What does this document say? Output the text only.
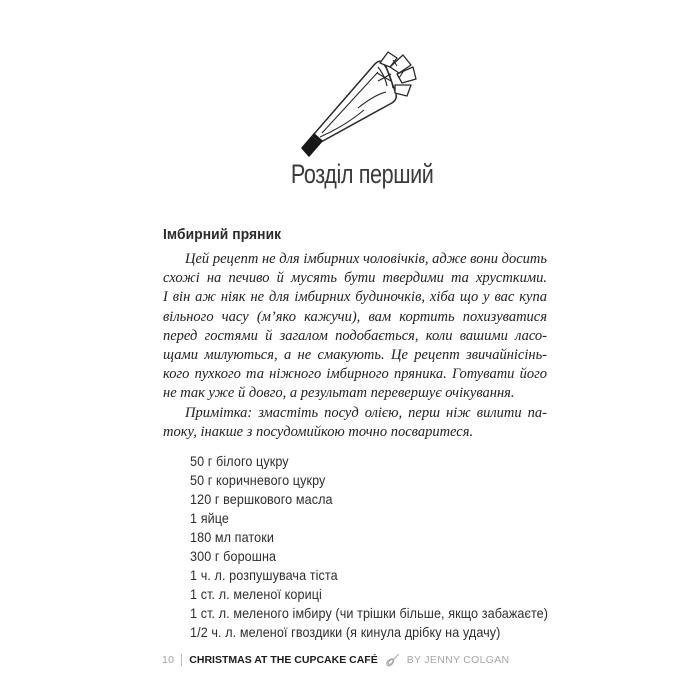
Розділ перший
Імбирний пряник
Цей рецепт не для імбирних чоловічків, адже вони досить
схожі на печиво й мусять бути твердими та хрусткими.
І він аж ніяк не для імбирних будиночків, хіба що у вас купа
вільного часу (м’яко кажучи), вам кортить похизуватися
перед гостями й загалом подобається, коли вашими ласо-
щами милуються, а не смакують. Це рецепт звичайнісінь-
кого пухкого та ніжного імбирного пряника. Готувати його
не так уже й довго, а результат перевершує очікування.
Примітка: змастіть посуд олією, перш ніж вилити па-
току, інакше з посудомийкою точно посваритеся.
50 г білого цукру
50 г коричневого цукру
120 г вершкового масла
1 яйце
180 мл патоки
300 г борошна
1 ч. л. розпушувача тіста
1 ст. л. меленої кориці
1 ст. л. меленого імбиру (чи трішки більше, якщо забажаєте)
1/2 ч. л. меленої гвоздики (я кинула дрібку на удачу)
10 CHRISTMAS AT THE CUPCAKE CAFÉ	BY JENNY COLGAN
